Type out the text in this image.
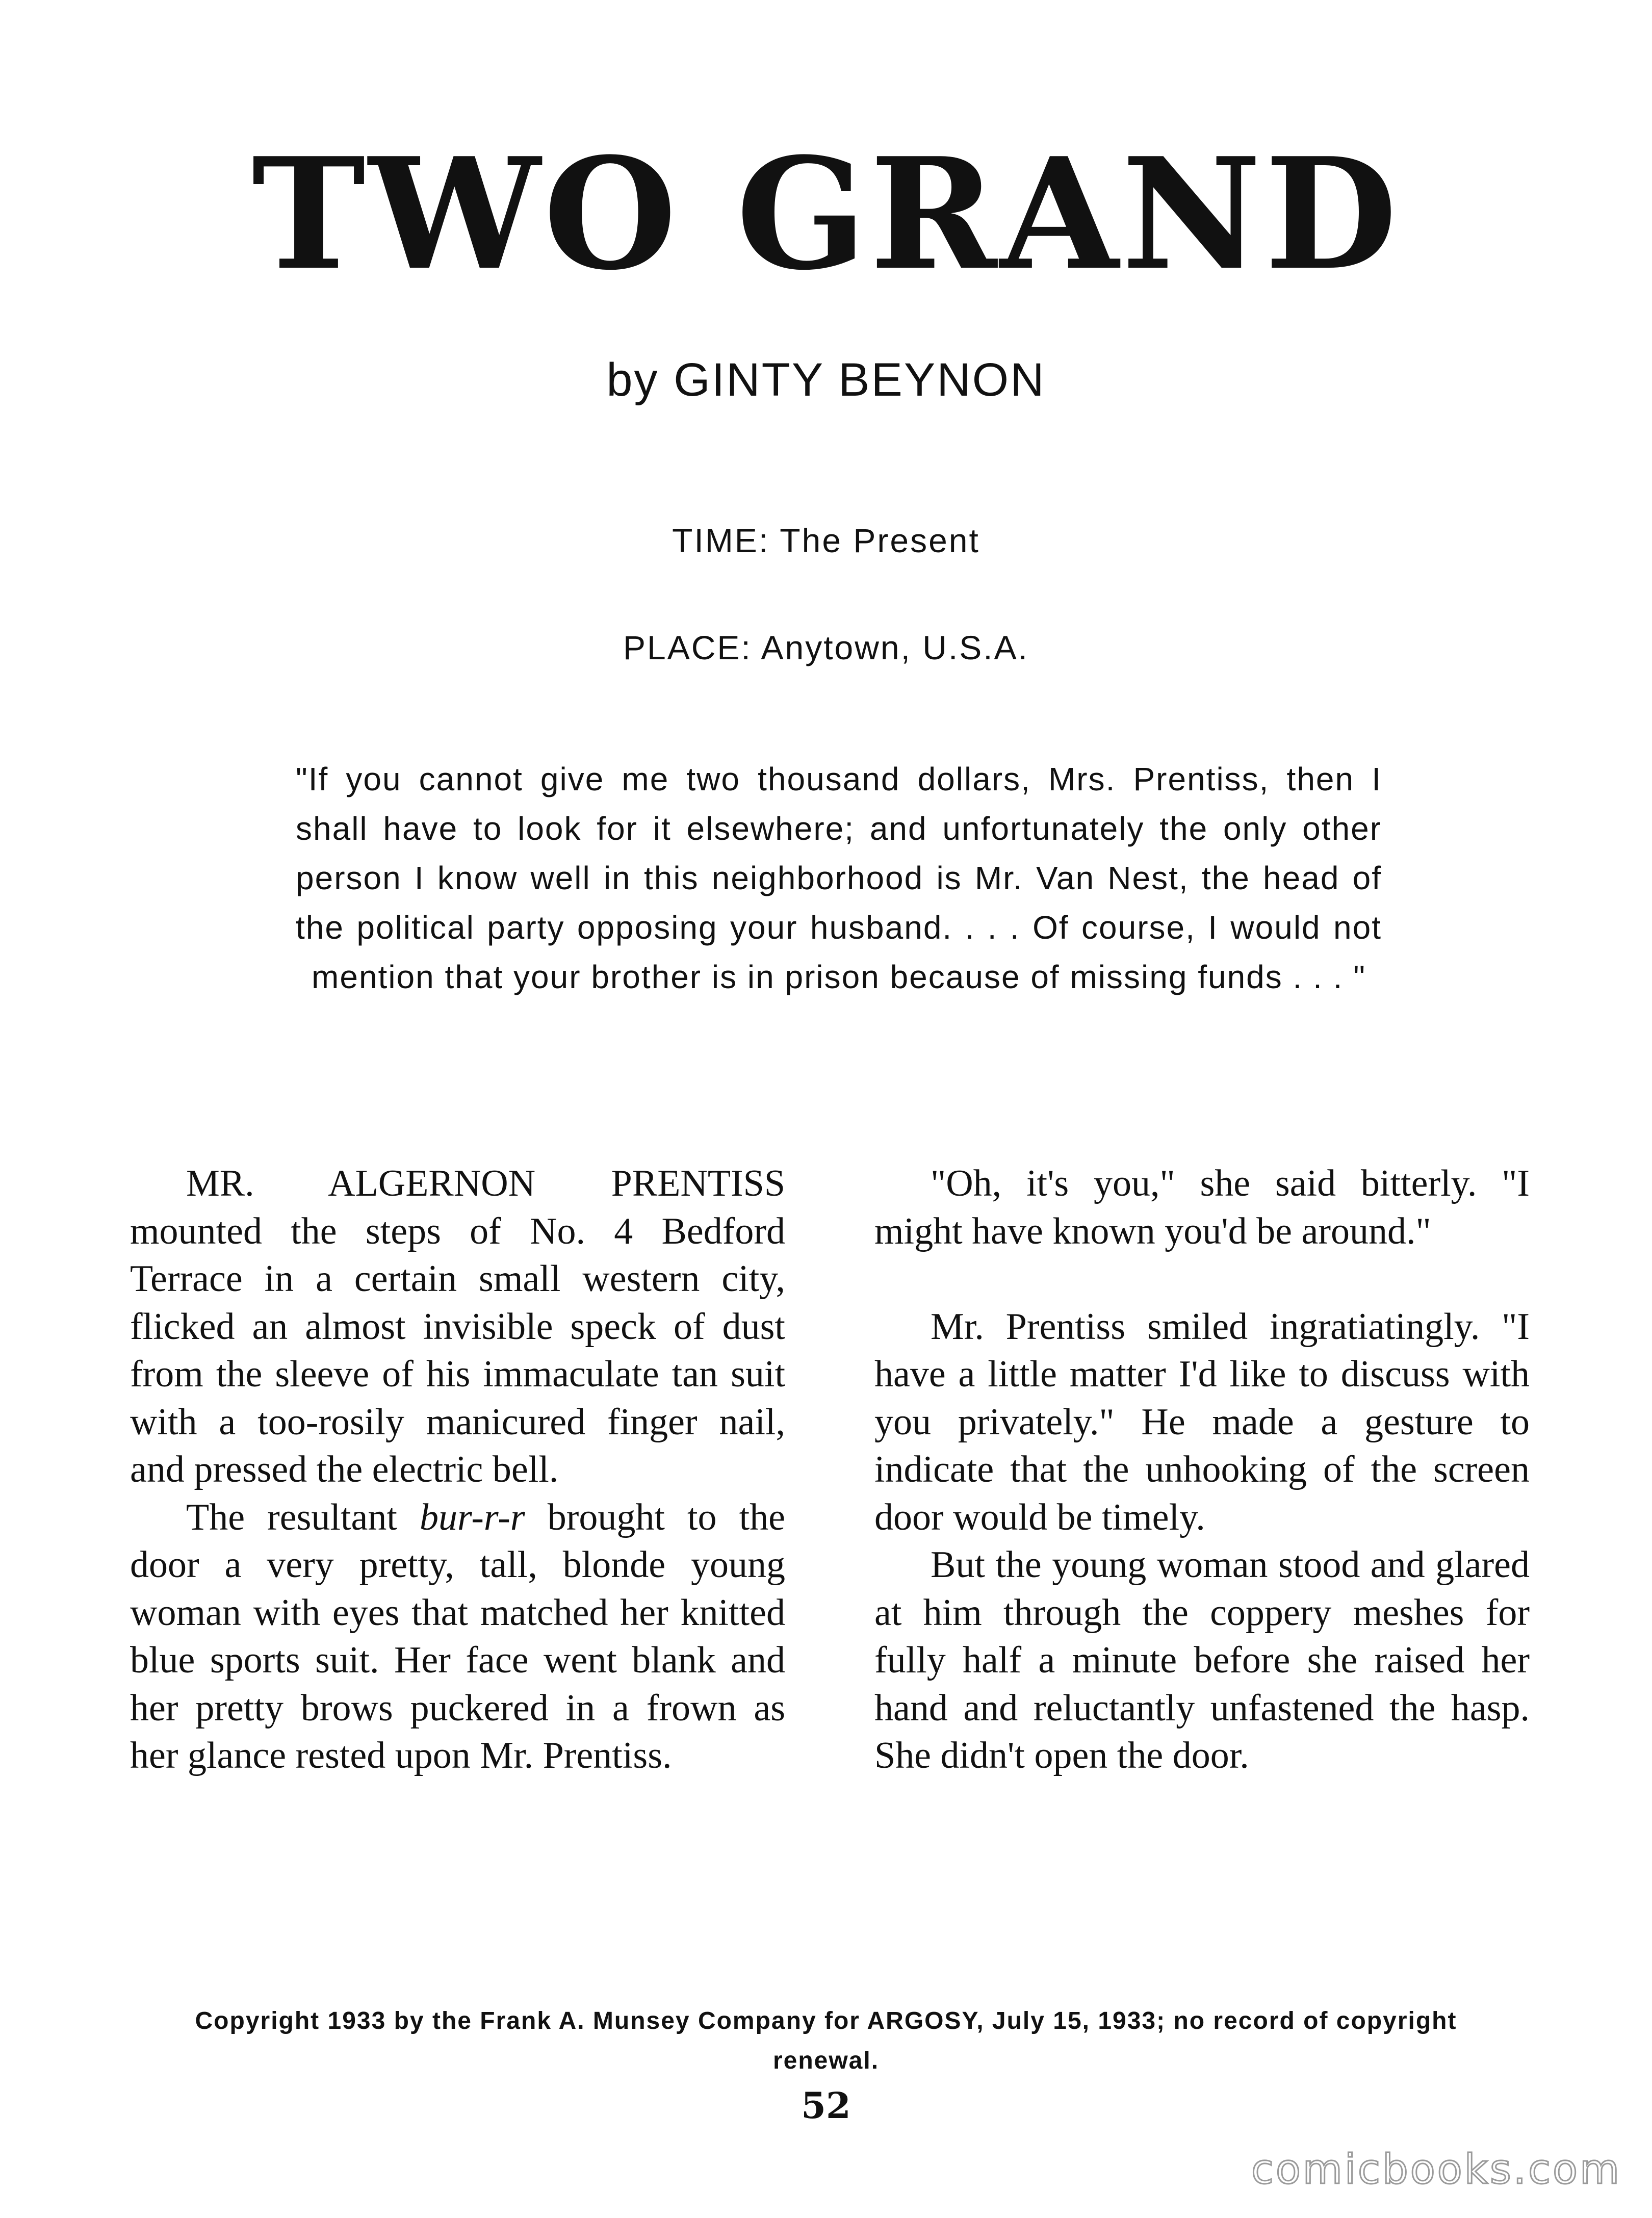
TWO GRAND
by GINTY BEYNON
TIME: The Present
PLACE: Anytown, U.S.A.
"If you cannot give me two thousand dollars, Mrs. Prentiss, then I shall have to look for it elsewhere; and unfortunately the only other person I know well in this neighborhood is Mr. Van Nest, the head of the political party opposing your husband. . . . Of course, I would not mention that your brother is in prison because of missing funds . . . "

MR. ALGERNON PRENTISS mounted the steps of No. 4 Bedford Terrace in a certain small western city, flicked an almost invisible speck of dust from the sleeve of his immaculate tan suit with a too-rosily manicured finger nail, and pressed the electric bell.

The resultant bur-r-r brought to the door a very pretty, tall, blonde young woman with eyes that matched her knitted blue sports suit. Her face went blank and her pretty brows puckered in a frown as her glance rested upon Mr. Prentiss.

"Oh, it's you," she said bitterly. "I might have known you'd be around."

Mr. Prentiss smiled ingratiatingly. "I have a little matter I'd like to discuss with you privately." He made a gesture to indicate that the unhooking of the screen door would be timely.

But the young woman stood and glared at him through the coppery meshes for fully half a minute before she raised her hand and reluctantly unfastened the hasp. She didn't open the door.

Copyright 1933 by the Frank A. Munsey Company for ARGOSY, July 15, 1933; no record of copyright renewal.
52
comicbooks.com
